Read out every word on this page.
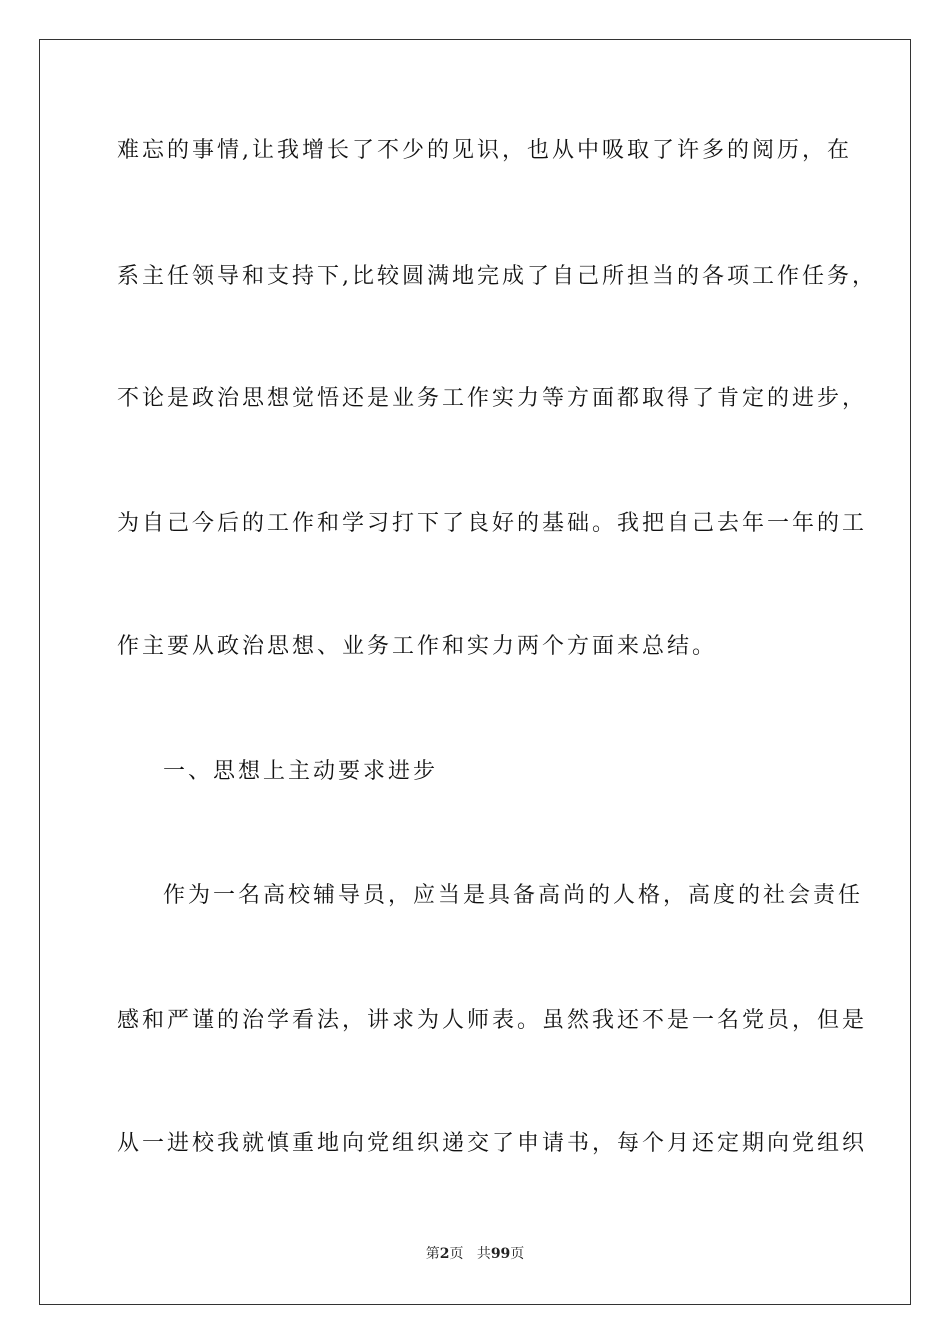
难忘的事情,让我增长了不少的见识，也从中吸取了许多的阅历，在
系主任领导和支持下,比较圆满地完成了自己所担当的各项工作任务，
不论是政治思想觉悟还是业务工作实力等方面都取得了肯定的进步，
为自己今后的工作和学习打下了良好的基础。我把自己去年一年的工
作主要从政治思想、业务工作和实力两个方面来总结。
一、思想上主动要求进步
作为一名高校辅导员，应当是具备高尚的人格，高度的社会责任
感和严谨的治学看法，讲求为人师表。虽然我还不是一名党员，但是
从一进校我就慎重地向党组织递交了申请书，每个月还定期向党组织
第2页 共99页
